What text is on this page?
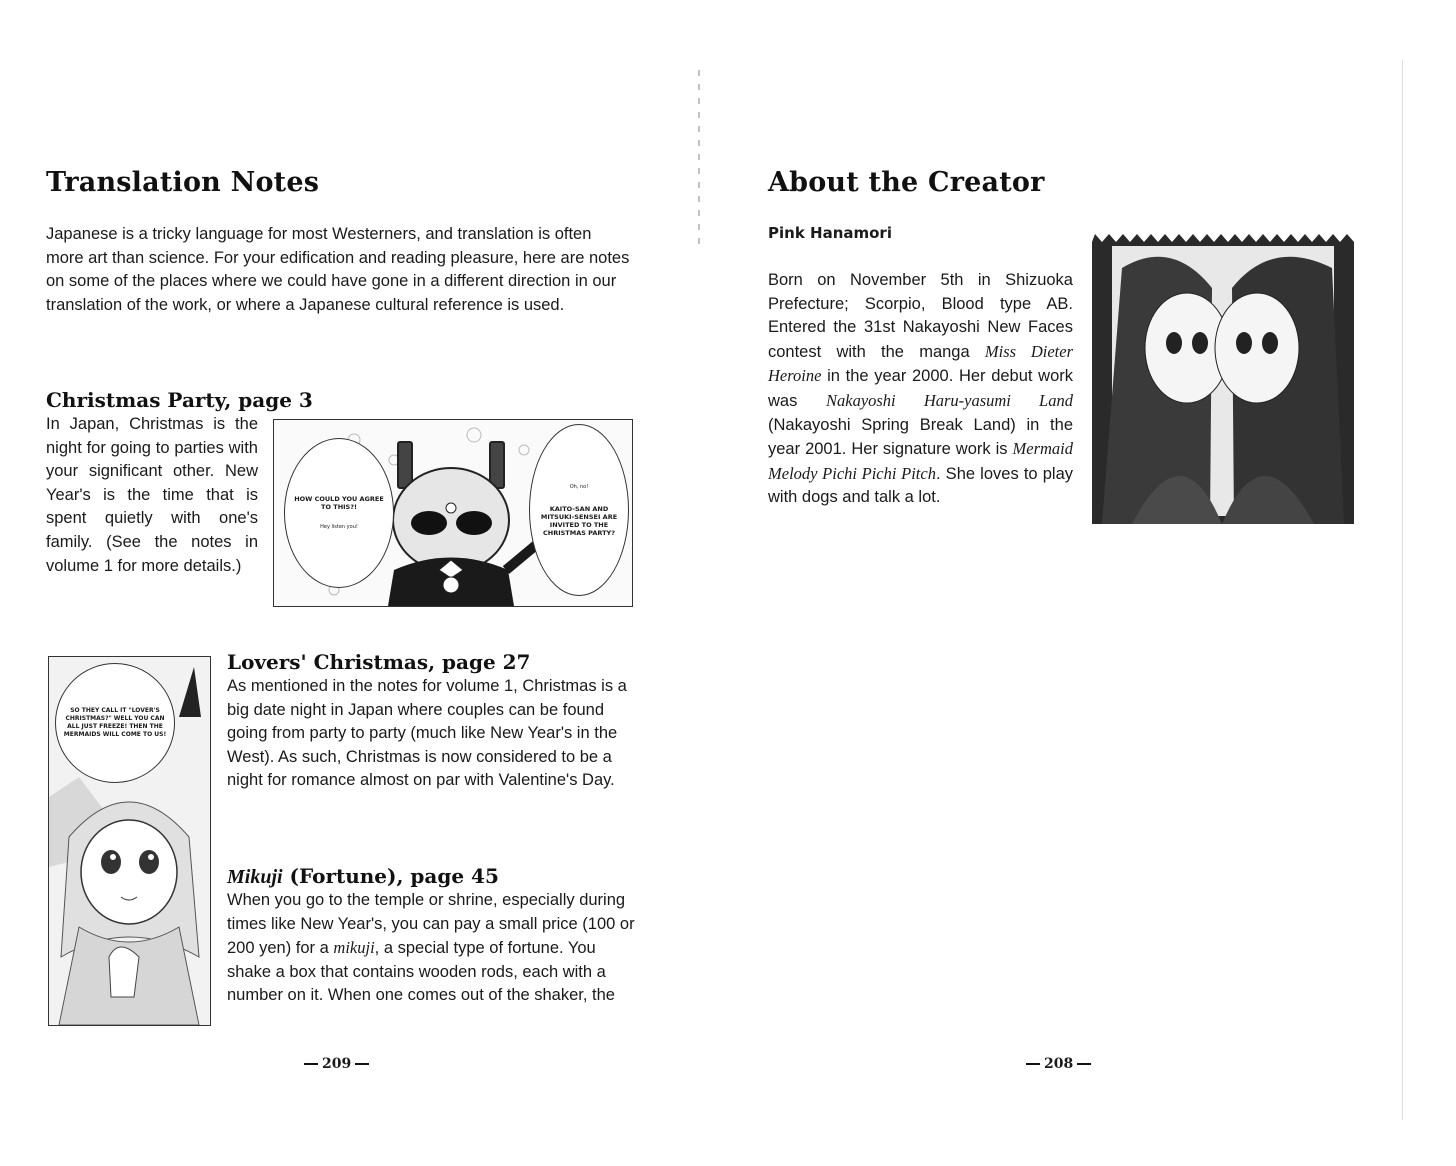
Translation Notes

Japanese is a tricky language for most Westerners, and translation is often more art than science. For your edification and reading pleasure, here are notes on some of the places where we could have gone in a different direction in our translation of the work, or where a Japanese cultural reference is used.

Christmas Party, page 3

In Japan, Christmas is the night for going to parties with your significant other. New Year's is the time that is spent quietly with one's family. (See the notes in volume 1 for more details.)

HOW COULD YOU AGREE TO THIS?!
Hey listen you!
Oh, no!
KAITO-SAN AND MITSUKI-SENSEI ARE INVITED TO THE CHRISTMAS PARTY?
SO THEY CALL IT "LOVER'S CHRISTMAS?" WELL YOU CAN ALL JUST FREEZE! THEN THE MERMAIDS WILL COME TO US!
Lovers' Christmas, page 27

As mentioned in the notes for volume 1, Christmas is a big date night in Japan where couples can be found going from party to party (much like New Year's in the West). As such, Christmas is now considered to be a night for romance almost on par with Valentine's Day.

Mikuji (Fortune), page 45

When you go to the temple or shrine, especially during times like New Year's, you can pay a small price (100 or 200 yen) for a mikuji, a special type of fortune. You shake a box that contains wooden rods, each with a number on it. When one comes out of the shaker, the

209
About the Creator

Pink Hanamori

Born on November 5th in Shizuoka Prefecture; Scorpio, Blood type AB. Entered the 31st Nakayoshi New Faces contest with the manga Miss Dieter Heroine in the year 2000. Her debut work was Nakayoshi Haru-yasumi Land (Nakayoshi Spring Break Land) in the year 2001. Her signature work is Mermaid Melody Pichi Pichi Pitch. She loves to play with dogs and talk a lot.

208
